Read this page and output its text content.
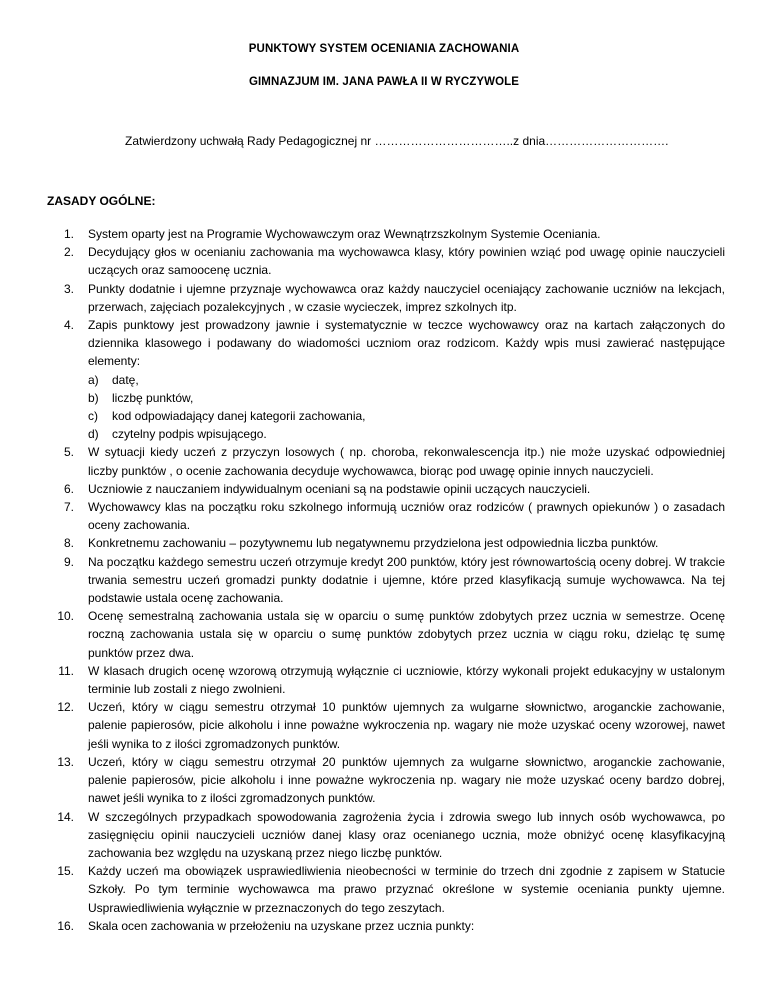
PUNKTOWY SYSTEM OCENIANIA ZACHOWANIA
GIMNAZJUM IM. JANA PAWŁA II W RYCZYWOLE
Zatwierdzony uchwałą Rady Pedagogicznej nr ……………………………..z dnia………………………….
ZASADY OGÓLNE:
1. System oparty jest na Programie Wychowawczym oraz Wewnątrzszkolnym Systemie Oceniania.
2. Decydujący głos w ocenianiu zachowania ma wychowawca klasy, który powinien wziąć pod uwagę opinie nauczycieli uczących oraz samoocenę ucznia.
3. Punkty dodatnie i ujemne przyznaje wychowawca oraz każdy nauczyciel oceniający zachowanie uczniów na lekcjach, przerwach, zajęciach pozalekcyjnych , w czasie wycieczek, imprez szkolnych itp.
4. Zapis punktowy jest prowadzony jawnie i systematycznie w teczce wychowawcy oraz na kartach załączonych do dziennika klasowego i podawany do wiadomości uczniom oraz rodzicom. Każdy wpis musi zawierać następujące elementy:
a) datę,
b) liczbę punktów,
c) kod odpowiadający danej kategorii zachowania,
d) czytelny podpis wpisującego.
5. W sytuacji kiedy uczeń z przyczyn losowych ( np. choroba, rekonwalescencja itp.) nie może uzyskać odpowiedniej liczby punktów , o ocenie zachowania decyduje wychowawca, biorąc pod uwagę opinie innych nauczycieli.
6. Uczniowie z nauczaniem indywidualnym oceniani są na podstawie opinii uczących nauczycieli.
7. Wychowawcy klas na początku roku szkolnego informują uczniów oraz rodziców ( prawnych opiekunów ) o zasadach oceny zachowania.
8. Konkretnemu zachowaniu – pozytywnemu lub negatywnemu przydzielona jest odpowiednia liczba punktów.
9. Na początku każdego semestru uczeń otrzymuje kredyt 200 punktów, który jest równowartością oceny dobrej. W trakcie trwania semestru uczeń gromadzi punkty dodatnie i ujemne, które przed klasyfikacją sumuje wychowawca. Na tej podstawie ustala ocenę zachowania.
10. Ocenę semestralną zachowania ustala się w oparciu o sumę punktów zdobytych przez ucznia w semestrze. Ocenę roczną zachowania ustala się w oparciu o sumę punktów zdobytych przez ucznia w ciągu roku, dzieląc tę sumę punktów przez dwa.
11. W klasach drugich ocenę wzorową otrzymują wyłącznie ci uczniowie, którzy wykonali projekt edukacyjny w ustalonym terminie lub zostali z niego zwolnieni.
12. Uczeń, który w ciągu semestru otrzymał 10 punktów ujemnych za wulgarne słownictwo, aroganckie zachowanie, palenie papierosów, picie alkoholu i inne poważne wykroczenia np. wagary nie może uzyskać oceny wzorowej, nawet jeśli wynika to z ilości zgromadzonych punktów.
13. Uczeń, który w ciągu semestru otrzymał 20 punktów ujemnych za wulgarne słownictwo, aroganckie zachowanie, palenie papierosów, picie alkoholu i inne poważne wykroczenia np. wagary nie może uzyskać oceny bardzo dobrej, nawet jeśli wynika to z ilości zgromadzonych punktów.
14. W szczególnych przypadkach spowodowania zagrożenia życia i zdrowia swego lub innych osób wychowawca, po zasięgnięciu opinii nauczycieli uczniów danej klasy oraz ocenianego ucznia, może obniżyć ocenę klasyfikacyjną zachowania bez względu na uzyskaną przez niego liczbę punktów.
15. Każdy uczeń ma obowiązek usprawiedliwienia nieobecności w terminie do trzech dni zgodnie z zapisem w Statucie Szkoły. Po tym terminie wychowawca ma prawo przyznać określone w systemie oceniania punkty ujemne. Usprawiedliwienia wyłącznie w przeznaczonych do tego zeszytach.
16. Skala ocen zachowania w przełożeniu na uzyskane przez ucznia punkty:
